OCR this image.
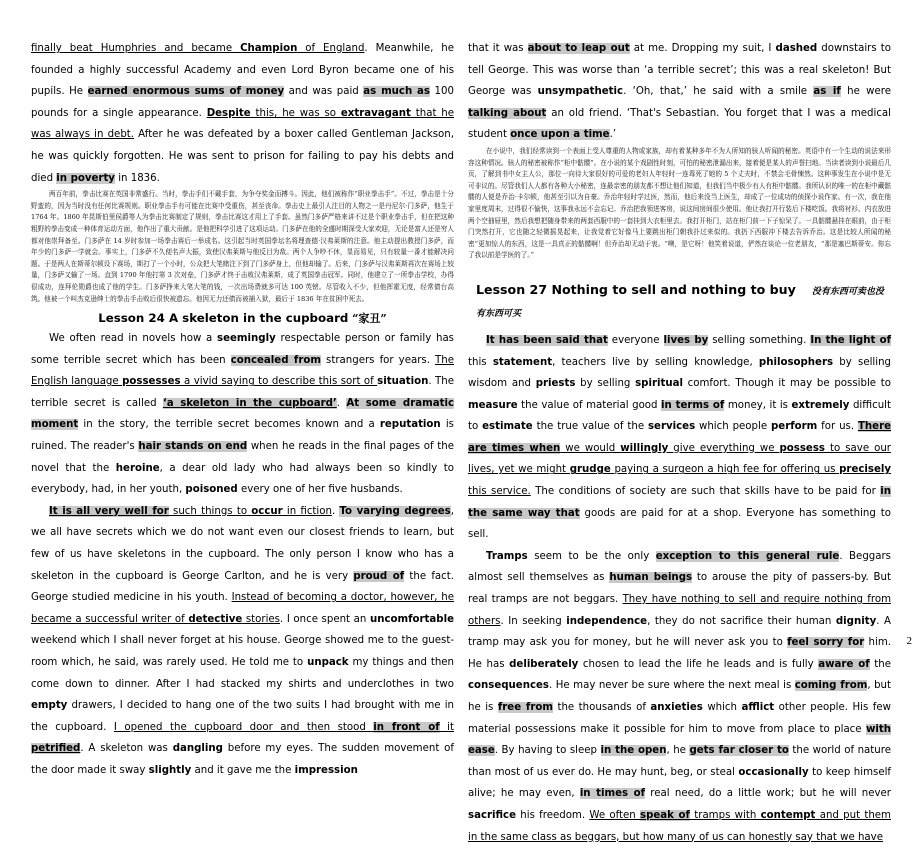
finally beat Humphries and became Champion of England. Meanwhile, he founded a highly successful Academy and even Lord Byron became one of his pupils. He earned enormous sums of money and was paid as much as 100 pounds for a single appearance. Despite this, he was so extravagant that he was always in debt. After he was defeated by a boxer called Gentleman Jackson, he was quickly forgotten. He was sent to prison for failing to pay his debts and died in poverty in 1836.

两百年前，拳击比赛在英国非常盛行。当时，拳击手们不戴手套，为争夺奖金而搏斗。因此，他们被称作“职业拳击手”。不过，拳击是十分野蛮的，因为当时没有任何比赛规则。职业拳击手有可能在比赛中受重伤，甚至丧命。拳击史上最引人注目的人物之一是丹尼尔·门多萨，他生于 1764 年。1860 年昆斯伯里侯爵等人为拳击比赛制定了规则，拳击比赛这才用上了手套。虽然门多萨严格来讲不过是个职业拳击手，但在把这种粗野的拳击变成一种体育运动方面，他作出了重大贡献。是他把科学引进了这项运动。门多萨在他的全盛时期深受大家欢迎，无论是富人还是穷人都对他崇拜备至。门多萨在 14 岁时参加一场拳击赛后一举成名。这引起当时英国拳坛名将理查德·汉弗莱斯的注意。他主动提出教授门多萨，而年少的门多萨一学就会。事实上，门多萨不久便名声大振，致使汉弗莱斯与他反目为敌。两个人争吵不休，显而易见，只有较量一番才能解决问题。于是两人在斯蒂尔顿设下赛场，斯打了一个小时，公众把大笔赌注下到了门多萨身上，但他却输了。后来，门多萨与汉弗莱斯再次在赛场上较量，门多萨又输了一场。直到 1790 年他打第 3 次对垒，门多萨才终于击败汉弗莱斯，成了英国拳击冠军。同时，他建立了一所拳击学校，办得很成功，连拜伦勋爵也成了他的学生。门多萨挣来大笔大笔的钱，一次出场费就多可达 100 英镑。尽管收入不少，但他挥霍无度，经常债台高筑。他被一个叫杰克逊绅士的拳击手击败后很快被遗忘。他因无力还债而被捕入狱，最后于 1836 年在贫困中死去。

Lesson 24 A skeleton in the cupboard “家丑”

We often read in novels how a seemingly respectable person or family has some terrible secret which has been concealed from strangers for years. The English language possesses a vivid saying to describe this sort of situation. The terrible secret is called ‘a skeleton in the cupboard’. At some dramatic moment in the story, the terrible secret becomes known and a reputation is ruined. The reader's hair stands on end when he reads in the final pages of the novel that the heroine, a dear old lady who had always been so kindly to everybody, had, in her youth, poisoned every one of her five husbands.

It is all very well for such things to occur in fiction. To varying degrees, we all have secrets which we do not want even our closest friends to learn, but few of us have skeletons in the cupboard. The only person I know who has a skeleton in the cupboard is George Carlton, and he is very proud of the fact. George studied medicine in his youth. Instead of becoming a doctor, however, he became a successful writer of detective stories. I once spent an uncomfortable weekend which I shall never forget at his house. George showed me to the guest-room which, he said, was rarely used. He told me to unpack my things and then come down to dinner. After I had stacked my shirts and underclothes in two empty drawers, I decided to hang one of the two suits I had brought with me in the cupboard. I opened the cupboard door and then stood in front of it petrified. A skeleton was dangling before my eyes. The sudden movement of the door made it sway slightly and it gave me the impression

that it was about to leap out at me. Dropping my suit, I dashed downstairs to tell George. This was worse than ‘a terrible secret’; this was a real skeleton! But George was unsympathetic. ‘Oh, that,’ he said with a smile as if he were talking about an old friend. ‘That's Sebastian. You forget that I was a medical student once upon a time.’

在小说中，我们经常读到一个表面上受人尊重的人物或家族，却有着某种多年不为人所知的骇人听闻的秘密。英语中有一个生动的说法来形容这种情况。骇人的秘密被称作“柜中骷髅”。在小说的某个戏剧性时刻，可怕的秘密泄漏出来，接着便是某人的声誉扫地。当读者读到小说最后几页，了解到书中女主人公，那位一向待大家很好的可爱的老妇人年轻时一连毒死了她的 5 个丈夫时，不禁会毛骨悚然。这种事发生在小说中是无可非议的。尽管我们人人都有各种大小秘密，连最亲密的朋友都不想让他们知道，但我们当中极少有人有柜中骷髅。我所认识的唯一的在柜中藏骷髅的人便是乔治·卡尔顿，他甚至引以为自豪。乔治年轻时学过医，然而，他后来没当上医生，却成了一位成功的侦探小说作家。有一次，我在他家里度周末，过得很不愉快，这事我永远不会忘记。乔治把我领进客房，说这间房间很少使用。他让我打开行装后下楼吃饭。我将衬衫、内衣放进两个空抽屉里，然后我想把随身带来的两套西服中的一套挂到大衣柜里去。我打开柜门，站在柜门前一下子惊呆了。一具骷髅悬挂在眼前，由于柜门突然打开，它也随之轻微摇晃起来，让我觉着它好像马上要跳出柜门朝我扑过来似的。我扔下西服冲下楼去告诉乔治。这是比较人所闻的秘密“更加惊人的东西，这是一具真正的骷髅啊！但乔治却无动于衷。“噢，是它呀！他笑着说道，俨然在谈论一位老朋友，“那是塞巴斯蒂安。你忘了我以前是学医的了。”

Lesson 27 Nothing to sell and nothing to buy 没有东西可卖也没有东西可买

It has been said that everyone lives by selling something. In the light of this statement, teachers live by selling knowledge, philosophers by selling wisdom and priests by selling spiritual comfort. Though it may be possible to measure the value of material good in terms of money, it is extremely difficult to estimate the true value of the services which people perform for us. There are times when we would willingly give everything we possess to save our lives, yet we might grudge paying a surgeon a high fee for offering us precisely this service. The conditions of society are such that skills have to be paid for in the same way that goods are paid for at a shop. Everyone has something to sell.

Tramps seem to be the only exception to this general rule. Beggars almost sell themselves as human beings to arouse the pity of passers-by. But real tramps are not beggars. They have nothing to sell and require nothing from others. In seeking independence, they do not sacrifice their human dignity. A tramp may ask you for money, but he will never ask you to feel sorry for him. He has deliberately chosen to lead the life he leads and is fully aware of the consequences. He may never be sure where the next meal is coming from, but he is free from the thousands of anxieties which afflict other people. His few material possessions make it possible for him to move from place to place with ease. By having to sleep in the open, he gets far closer to the world of nature than most of us ever do. He may hunt, beg, or steal occasionally to keep himself alive; he may even, in times of real need, do a little work; but he will never sacrifice his freedom. We often speak of tramps with contempt and put them in the same class as beggars, but how many of us can honestly say that we have

2
